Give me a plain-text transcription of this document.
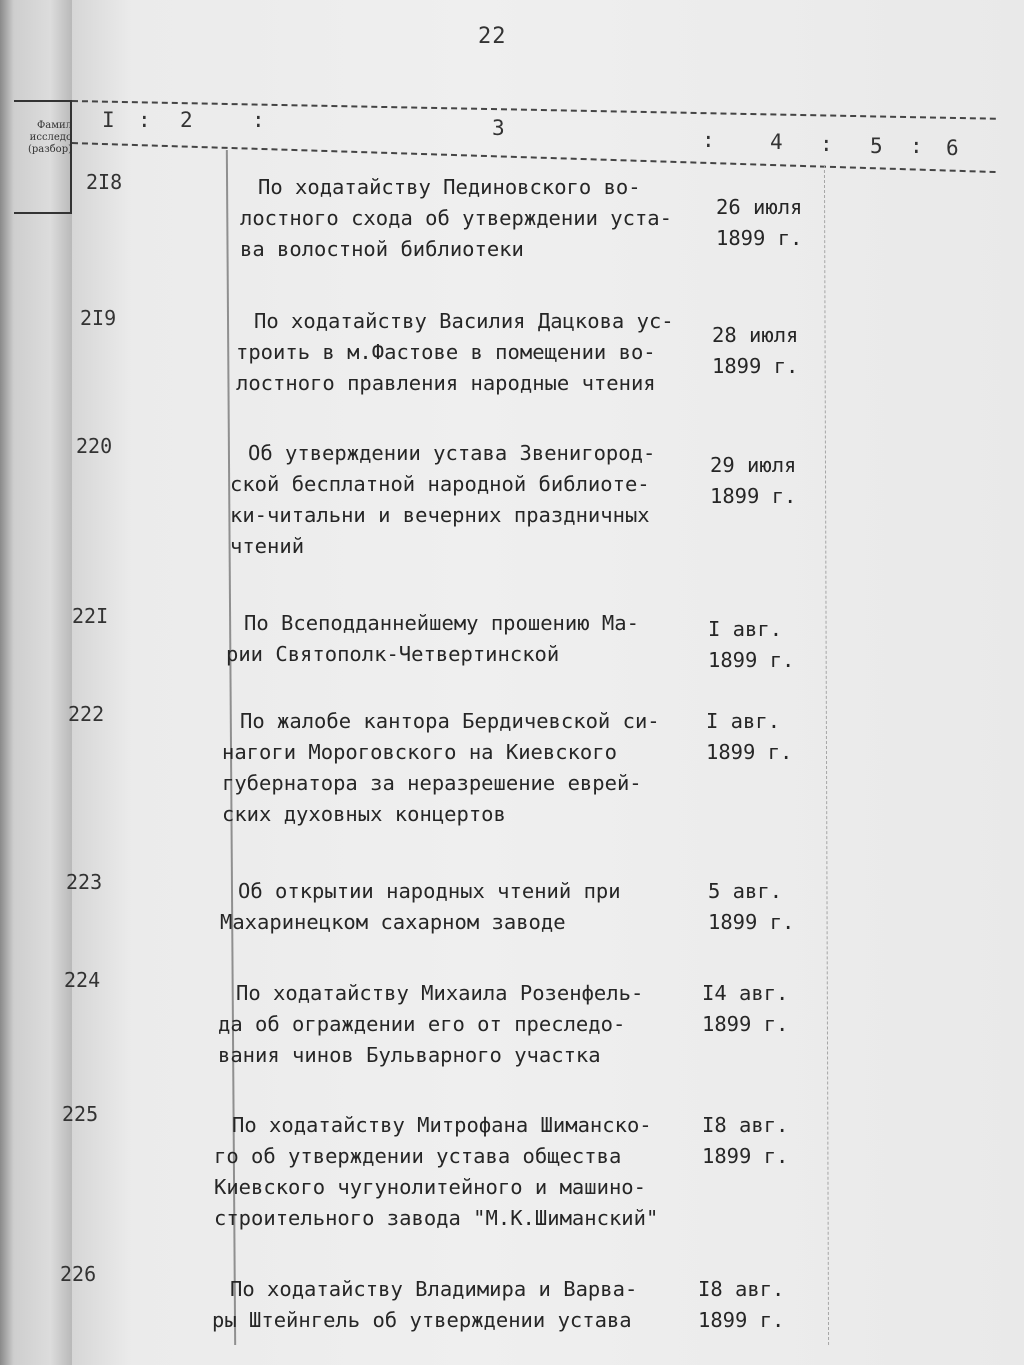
Фамил
исследо
(разбор)
22
I : 2	:	3	:	4 : 5 : 6
2I8	По ходатайству Пединовского во-
лостного схода об утверждении уста-
ва волостной библиотеки
26 июля
1899 г.
2I9	По ходатайству Василия Дацкова ус-
троить в м.Фастове в помещении во-
лостного правления народные чтения
28 июля
1899 г.
220	Об утверждении устава Звенигород-
ской бесплатной народной библиоте-
ки-читальни и вечерних праздничных
чтений
29 июля
1899 г.
22I	По Всеподданнейшему прошению Ма-
рии Святополк-Четвертинской
I авг.
1899 г.
222	По жалобе кантора Бердичевской си-
нагоги Мороговского на Киевского
губернатора за неразрешение еврей-
ских духовных концертов
I авг.
1899 г.
223	Об открытии народных чтений при
Махаринецком сахарном заводе
5 авг.
1899 г.
224
По ходатайству Михаила Розенфель-
да об ограждении его от преследо-
вания чинов Бульварного участка
I4 авг.
1899 г.
225	По ходатайству Митрофана Шиманско-
го об утверждении устава общества
Киевского чугунолитейного и машино-
строительного завода "М.К.Шиманский"
I8 авг.
1899 г.
226
По ходатайству Владимира и Варва-
ры Штейнгель об утверждении устава
I8 авг.
1899 г.
